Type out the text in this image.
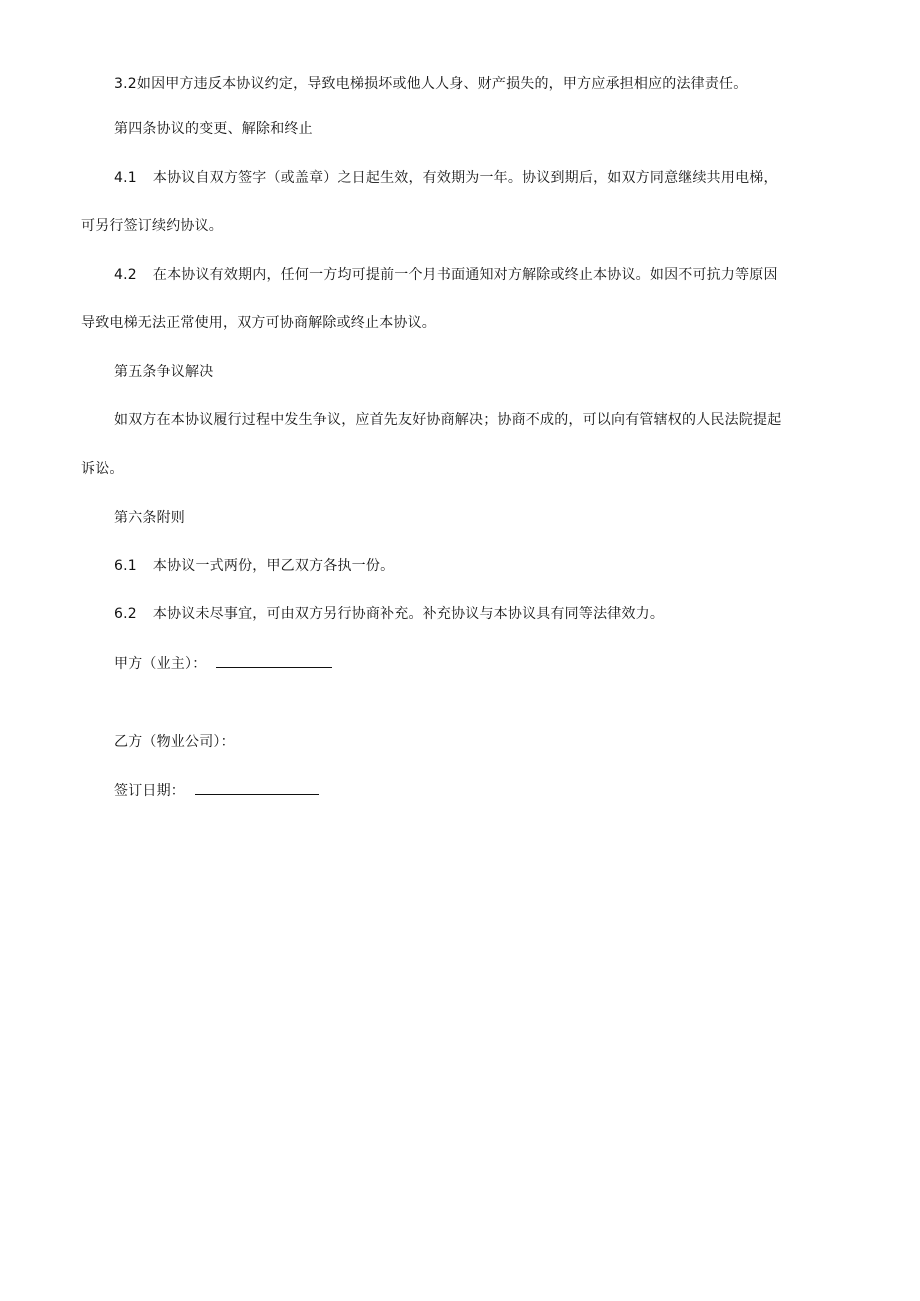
3.2如因甲方违反本协议约定，导致电梯损坏或他人人身、财产损失的，甲方应承担相应的法律责任。
第四条协议的变更、解除和终止
4.1 本协议自双方签字（或盖章）之日起生效，有效期为一年。协议到期后，如双方同意继续共用电梯，
可另行签订续约协议。
4.2 在本协议有效期内，任何一方均可提前一个月书面通知对方解除或终止本协议。如因不可抗力等原因
导致电梯无法正常使用，双方可协商解除或终止本协议。
第五条争议解决
如双方在本协议履行过程中发生争议，应首先友好协商解决；协商不成的，可以向有管辖权的人民法院提起
诉讼。
第六条附则
6.1 本协议一式两份，甲乙双方各执一份。
6.2 本协议未尽事宜，可由双方另行协商补充。补充协议与本协议具有同等法律效力。
甲方（业主）：
乙方（物业公司）：
签订日期：
